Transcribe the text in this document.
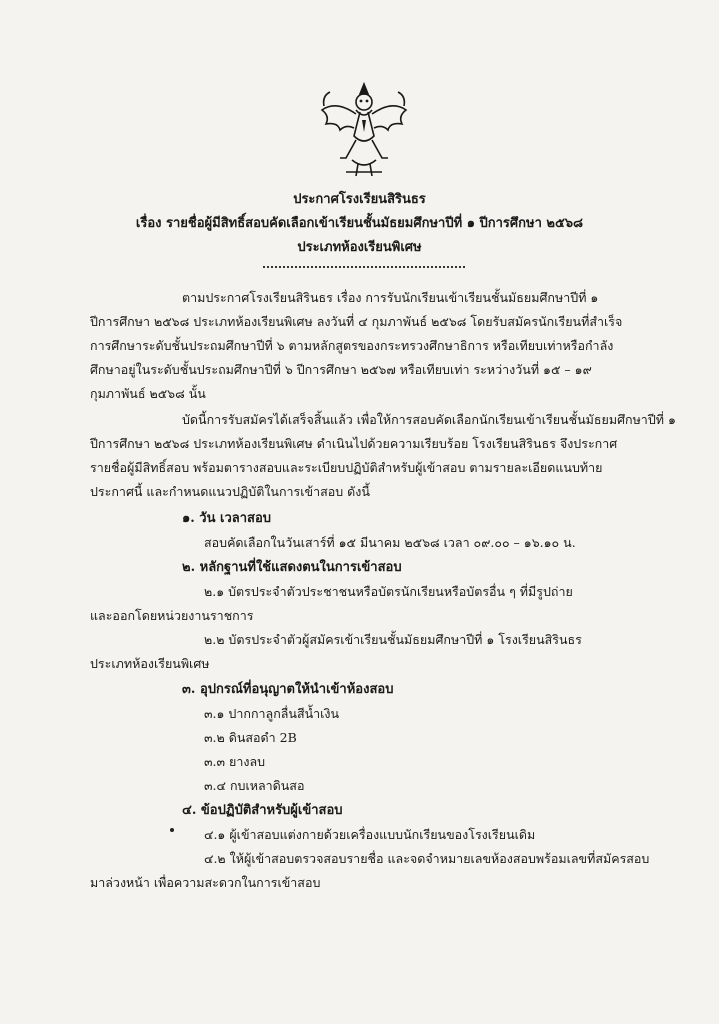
ประกาศโรงเรียนสิรินธร
เรื่อง รายชื่อผู้มีสิทธิ์สอบคัดเลือกเข้าเรียนชั้นมัธยมศึกษาปีที่ ๑ ปีการศึกษา ๒๕๖๘
ประเภทห้องเรียนพิเศษ
ตามประกาศโรงเรียนสิรินธร เรื่อง การรับนักเรียนเข้าเรียนชั้นมัธยมศึกษาปีที่ ๑
ปีการศึกษา ๒๕๖๘ ประเภทห้องเรียนพิเศษ ลงวันที่ ๔ กุมภาพันธ์ ๒๕๖๘ โดยรับสมัครนักเรียนที่สำเร็จ
การศึกษาระดับชั้นประถมศึกษาปีที่ ๖ ตามหลักสูตรของกระทรวงศึกษาธิการ หรือเทียบเท่าหรือกำลัง
ศึกษาอยู่ในระดับชั้นประถมศึกษาปีที่ ๖ ปีการศึกษา ๒๕๖๗ หรือเทียบเท่า ระหว่างวันที่ ๑๕ – ๑๙
กุมภาพันธ์ ๒๕๖๘ นั้น
บัดนี้การรับสมัครได้เสร็จสิ้นแล้ว เพื่อให้การสอบคัดเลือกนักเรียนเข้าเรียนชั้นมัธยมศึกษาปีที่ ๑
ปีการศึกษา ๒๕๖๘ ประเภทห้องเรียนพิเศษ ดำเนินไปด้วยความเรียบร้อย โรงเรียนสิรินธร จึงประกาศ
รายชื่อผู้มีสิทธิ์สอบ พร้อมตารางสอบและระเบียบปฏิบัติสำหรับผู้เข้าสอบ ตามรายละเอียดแนบท้าย
ประกาศนี้ และกำหนดแนวปฏิบัติในการเข้าสอบ ดังนี้
๑. วัน เวลาสอบ
สอบคัดเลือกในวันเสาร์ที่ ๑๕ มีนาคม ๒๕๖๘ เวลา ๐๙.๐๐ – ๑๖.๑๐ น.
๒. หลักฐานที่ใช้แสดงตนในการเข้าสอบ
๒.๑ บัตรประจำตัวประชาชนหรือบัตรนักเรียนหรือบัตรอื่น ๆ ที่มีรูปถ่าย
และออกโดยหน่วยงานราชการ
๒.๒ บัตรประจำตัวผู้สมัครเข้าเรียนชั้นมัธยมศึกษาปีที่ ๑ โรงเรียนสิรินธร
ประเภทห้องเรียนพิเศษ
๓. อุปกรณ์ที่อนุญาตให้นำเข้าห้องสอบ
๓.๑ ปากกาลูกลื่นสีน้ำเงิน
๓.๒ ดินสอดำ 2B
๓.๓ ยางลบ
๓.๔ กบเหลาดินสอ
๔. ข้อปฏิบัติสำหรับผู้เข้าสอบ
๔.๑ ผู้เข้าสอบแต่งกายด้วยเครื่องแบบนักเรียนของโรงเรียนเดิม
๔.๒ ให้ผู้เข้าสอบตรวจสอบรายชื่อ และจดจำหมายเลขห้องสอบพร้อมเลขที่สมัครสอบ
มาล่วงหน้า เพื่อความสะดวกในการเข้าสอบ
